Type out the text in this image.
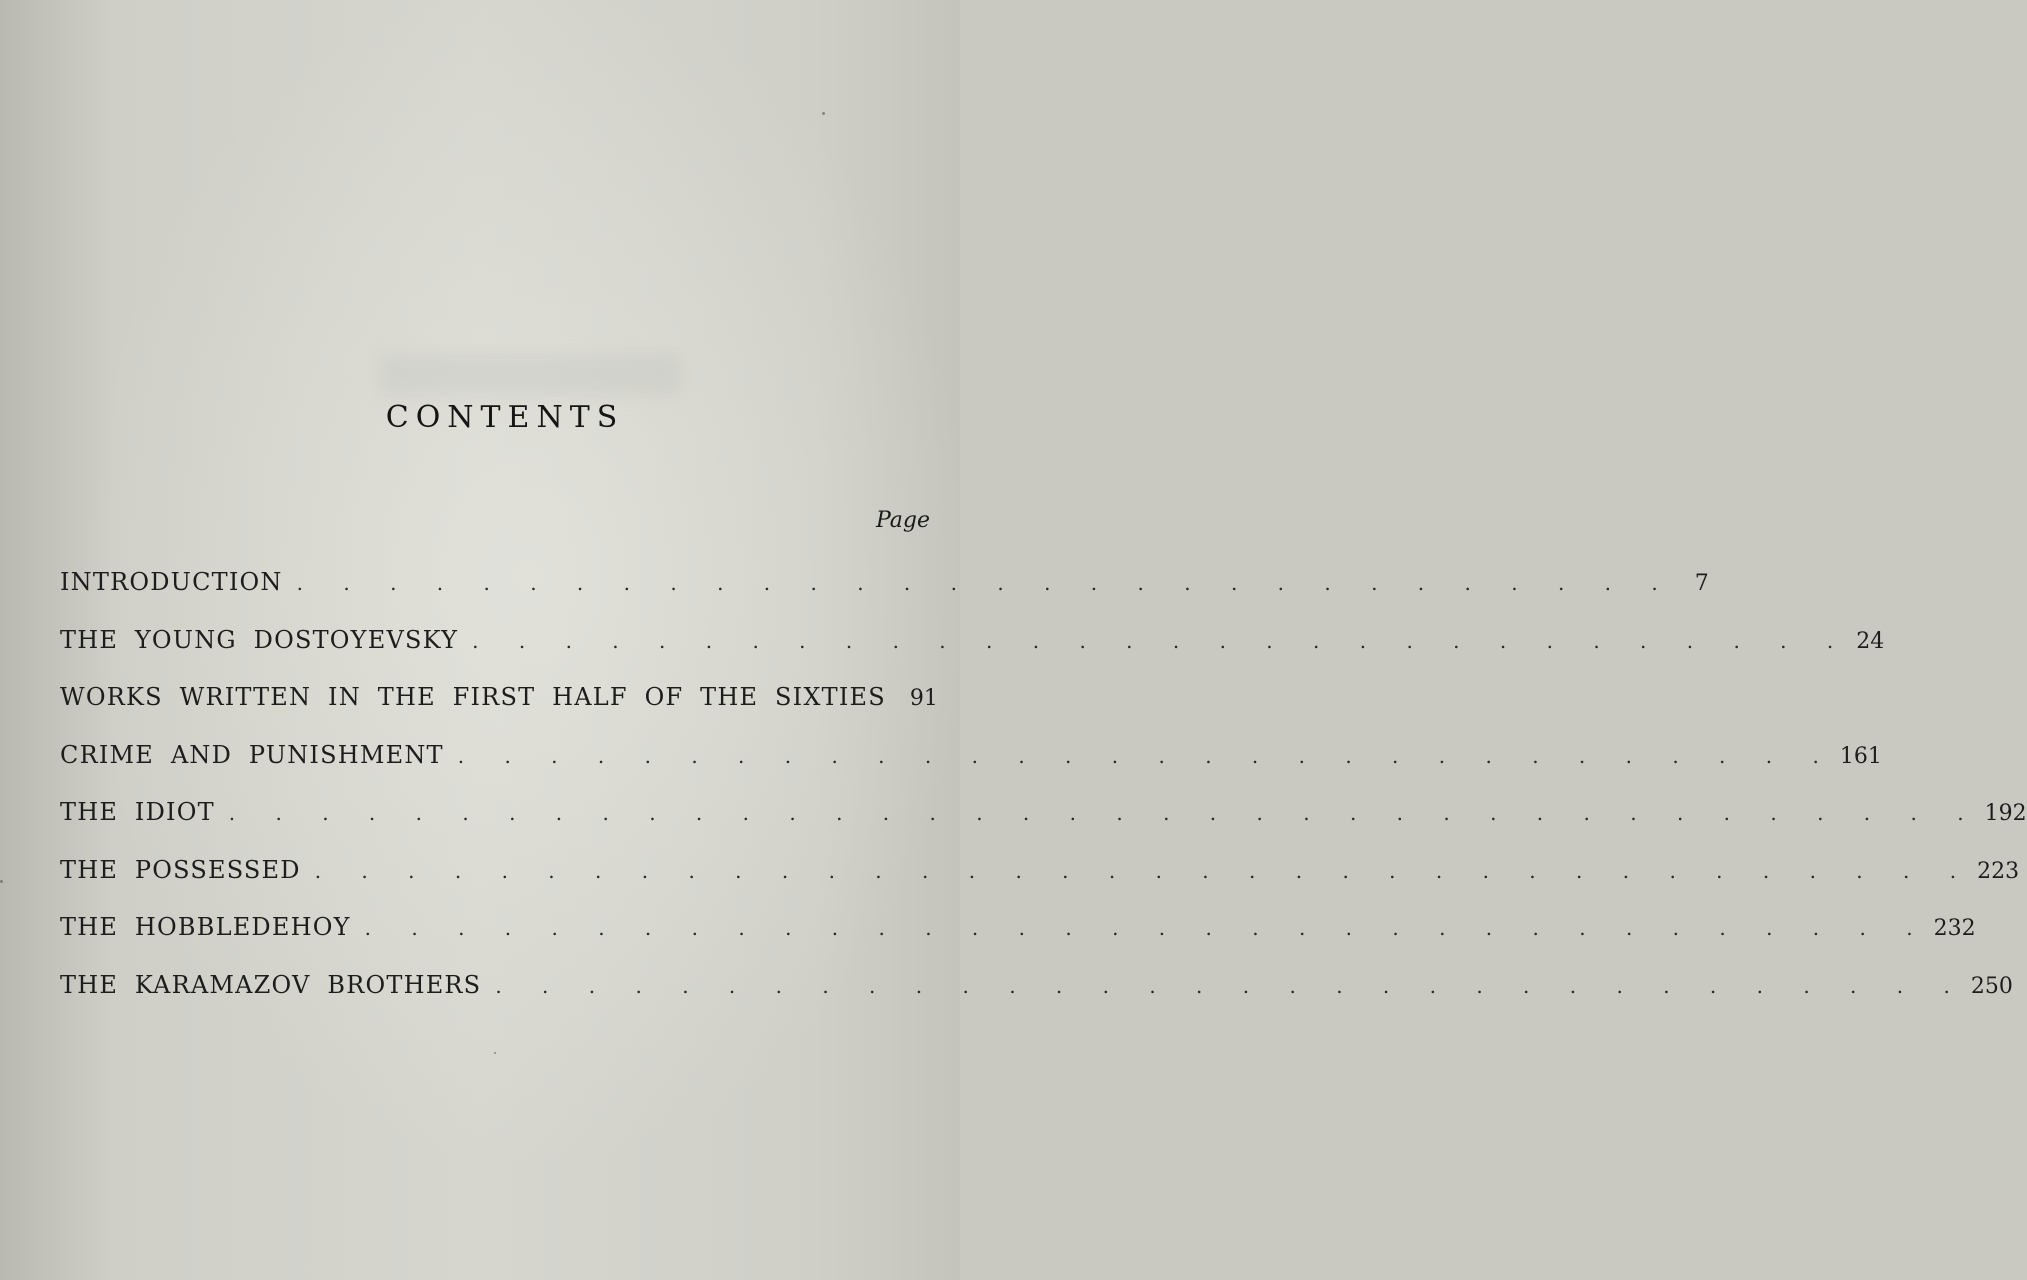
CONTENTS
Page
INTRODUCTION . . . . . . . . . . . . . . . . . . . . . . . . . . . . . .	7
THE YOUNG DOSTOYEVSKY . . . . . . . . . . . . . . . . . . . . . . . . . . . . . . 24
WORKS WRITTEN IN THE FIRST HALF OF THE SIXTIES 91
CRIME AND PUNISHMENT . . . . . . . . . . . . . . . . . . . . . . . . . . . . . . 161
THE IDIOT . . . . . . . . . . . . . . . . . . . . . . . . . . . . . . . . . . . . . . 192
THE POSSESSED . . . . . . . . . . . . . . . . . . . . . . . . . . . . . . . . . . . . 223
THE HOBBLEDEHOY . . . . . . . . . . . . . . . . . . . . . . . . . . . . . . . . . . 232
THE KARAMAZOV BROTHERS . . . . . . . . . . . . . . . . . . . . . . . . . . . . . . . . 250
